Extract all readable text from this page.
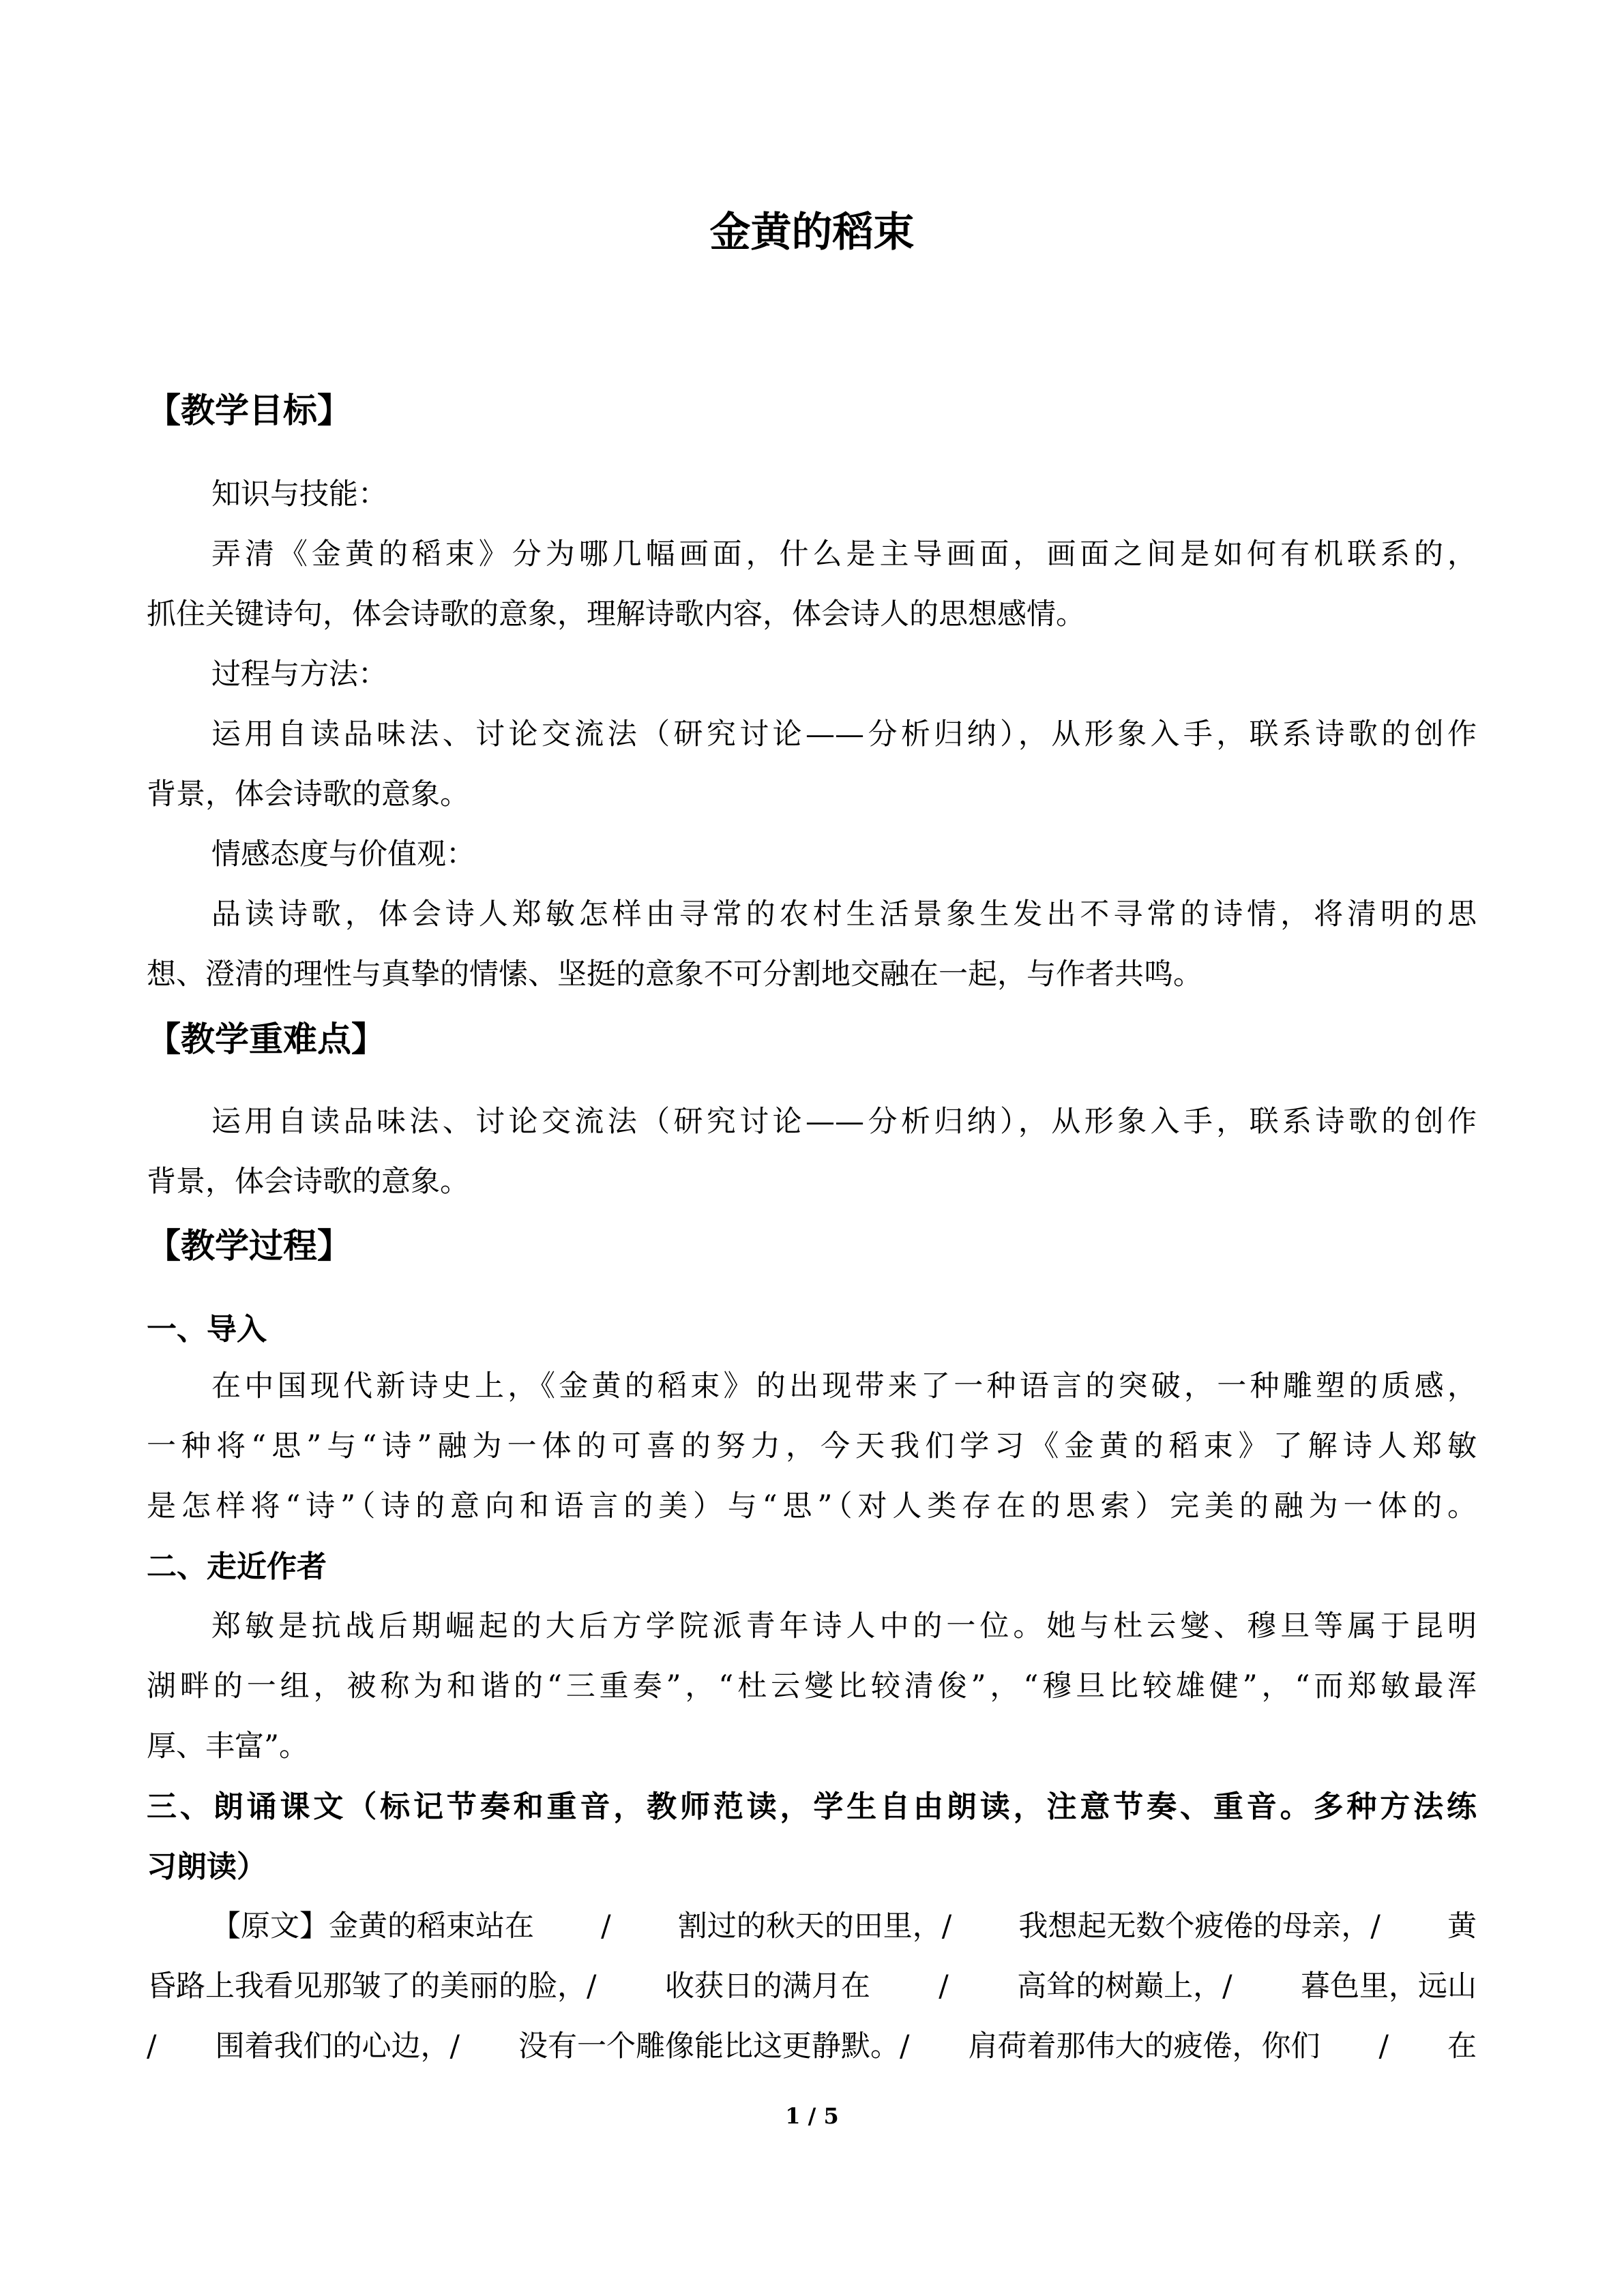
金黄的稻束
【教学目标】
知识与技能：
弄清《金黄的稻束》分为哪几幅画面，什么是主导画面，画面之间是如何有机联系的，
抓住关键诗句，体会诗歌的意象，理解诗歌内容，体会诗人的思想感情。
过程与方法：
运用自读品味法、讨论交流法（研究讨论——分析归纳），从形象入手，联系诗歌的创作
背景，体会诗歌的意象。
情感态度与价值观：
品读诗歌，体会诗人郑敏怎样由寻常的农村生活景象生发出不寻常的诗情，将清明的思
想、澄清的理性与真挚的情愫、坚挺的意象不可分割地交融在一起，与作者共鸣。
【教学重难点】
运用自读品味法、讨论交流法（研究讨论——分析归纳），从形象入手，联系诗歌的创作
背景，体会诗歌的意象。
【教学过程】
一、导入
在中国现代新诗史上，《金黄的稻束》的出现带来了一种语言的突破，一种雕塑的质感，
一种将“思”与“诗”融为一体的可喜的努力，今天我们学习《金黄的稻束》了解诗人郑敏
是怎样将“诗”（诗的意向和语言的美）与“思”（对人类存在的思索）完美的融为一体的。
二、走近作者
郑敏是抗战后期崛起的大后方学院派青年诗人中的一位。她与杜云燮、穆旦等属于昆明
湖畔的一组，被称为和谐的“三重奏”，“杜云燮比较清俊”，“穆旦比较雄健”，“而郑敏最浑
厚、丰富”。
三、朗诵课文（标记节奏和重音，教师范读，学生自由朗读，注意节奏、重音。多种方法练
习朗读）
【原文】金黄的稻束站在 / 割过的秋天的田里，/ 我想起无数个疲倦的母亲，/ 黄
昏路上我看见那皱了的美丽的脸，/ 收获日的满月在 / 高耸的树巅上，/ 暮色里，远山
/ 围着我们的心边，/ 没有一个雕像能比这更静默。/ 肩荷着那伟大的疲倦，你们 / 在
1 / 5
